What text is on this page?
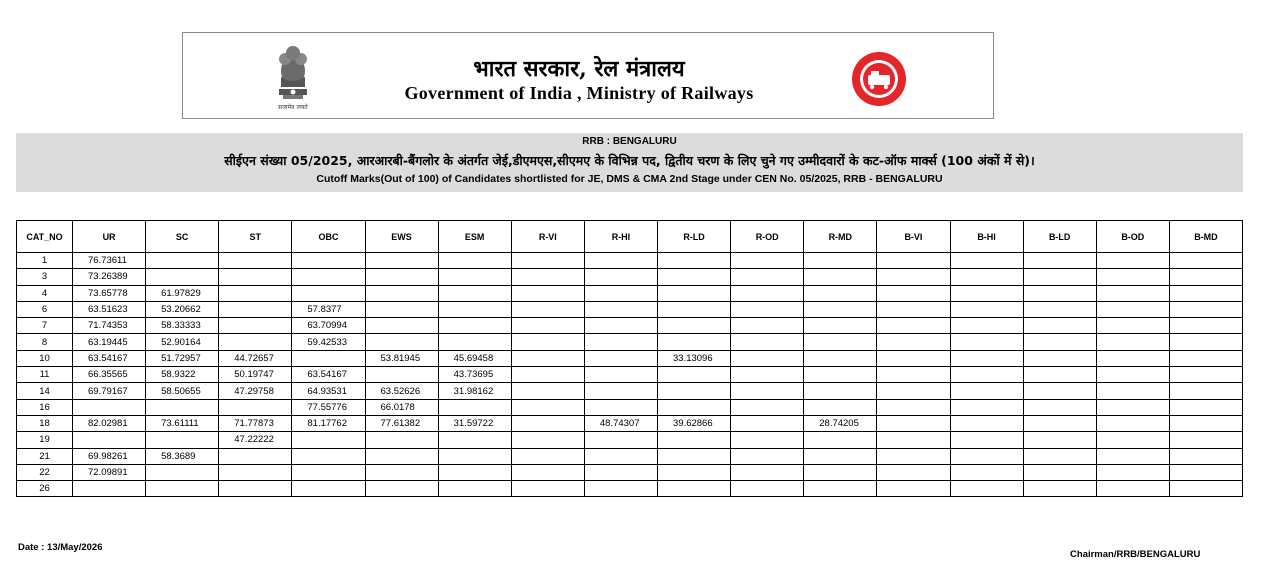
सत्यमेव जयते
भारत सरकार, रेल मंत्रालय
Government of India , Ministry of Railways
RRB : BENGALURU
सीईएन संख्या 05/2025, आरआरबी-बैंगलोर के अंतर्गत जेई,डीएमएस,सीएमए के विभिन्न पद, द्वितीय चरण के लिए चुने गए उम्मीदवारों के कट-ऑफ मार्क्स (100 अंकों में से)।
Cutoff Marks(Out of 100) of Candidates shortlisted for JE, DMS & CMA 2nd Stage under CEN No. 05/2025, RRB - BENGALURU
CAT_NO	UR	SC	ST	OBC	EWS	ESM	R-VI	R-HI	R-LD	R-OD	R-MD	B-VI	B-HI	B-LD	B-OD	B-MD
1	76.73611															
3	73.26389															
4	73.65778	61.97829														
6	63.51623	53.20662		57.8377												
7	71.74353	58.33333		63.70994												
8	63.19445	52.90164		59.42533												
10	63.54167	51.72957	44.72657		53.81945	45.69458			33.13096							
11	66.35565	58.9322	50.19747	63.54167		43.73695										
14	69.79167	58.50655	47.29758	64.93531	63.52626	31.98162										
16				77.55776	66.0178											
18	82.02981	73.61111	71.77873	81.17762	77.61382	31.59722		48.74307	39.62866		28.74205					
19			47.22222													
21	69.98261	58.3689														
22	72.09891															
26																
Date : 13/May/2026
Chairman/RRB/BENGALURU
